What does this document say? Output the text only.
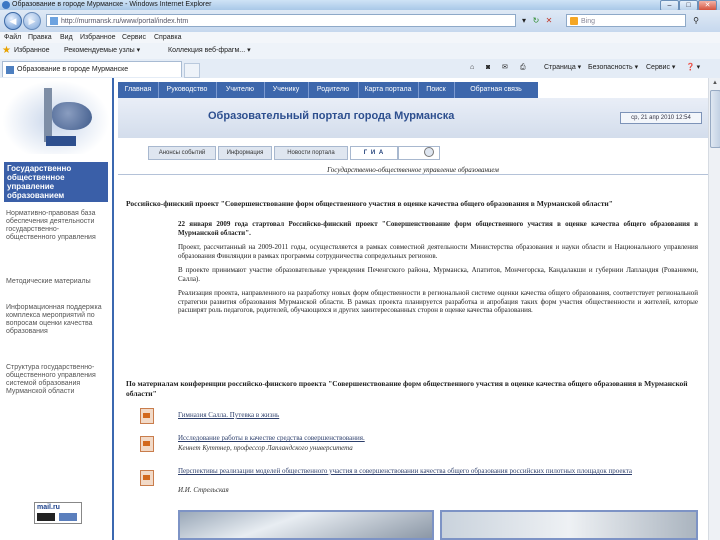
Образование в городе Мурманске - Windows Internet Explorer	–	□	✕
◀	▶	http://murmansk.ru/www/portal/index.htm	▾ ↻ ✕	Bing	⚲
Файл Правка Вид Избранное Сервис Справка
★ Избранное Рекомендуемые узлы ▾	Коллекция веб-фрагм... ▾
Образование в городе Мурманске	⌂ ◙ ✉ ⎙	Страница ▾ Безопасность ▾ Сервис ▾ ❓ ▾
Государственно общественное управление образованием
Нормативно-правовая база обеспечения деятельности государственно-общественного управления
Методические материалы
Информационная поддержка комплекса мероприятий по вопросам оценки качества образования
Структура государственно-общественного управления системой образования Мурманской области
mail.ru
Главная	Руководство	Учителю	Ученику	Родителю	Карта портала	Поиск	Обратная связь
Образовательный портал города Мурманска	ср, 21 апр 2010 12:54
Анонсы событий	Информация	Новости портала	Г И А
Государственно-общественное управление образованием
Российско-финский проект "Совершенствование форм общественного участия в оценке качества общего образования в Мурманской области"

22 января 2009 года стартовал Российско-финский проект "Совершенствование форм общественного участия в оценке качества общего образования в Мурманской области".

Проект, рассчитанный на 2009-2011 годы, осуществляется в рамках совместной деятельности Министерства образования и науки области и Национального управления образования Финляндии в рамках программы сотрудничества сопредельных регионов.

В проекте принимают участие образовательные учреждения Печенгского района, Мурманска, Апатитов, Мончегорска, Кандалакши и губернии Лапландия (Рованиеми, Салла).

Реализация проекта, направленного на разработку новых форм общественности в региональной системе оценки качества общего образования, соответствует региональной стратегии развития образования Мурманской области. В рамках проекта планируется разработка и апробация таких форм участия общественности и жителей, которые расширят роль педагогов, родителей, обучающихся и других заинтересованных сторон в оценке качества образования.

По материалам конференции российско-финского проекта "Совершенствование форм общественного участия в оценке качества общего образования в Мурманской области"
Гимназия Салла. Путевка в жизнь
Исследование работы в качестве средства совершенствования.
Кеннет Куттнер, профессор Лапландского университета
Перспективы реализации моделей общественного участия в совершенствовании качества общего образования российских пилотных площадок проекта
И.И. Стрельская
▲
